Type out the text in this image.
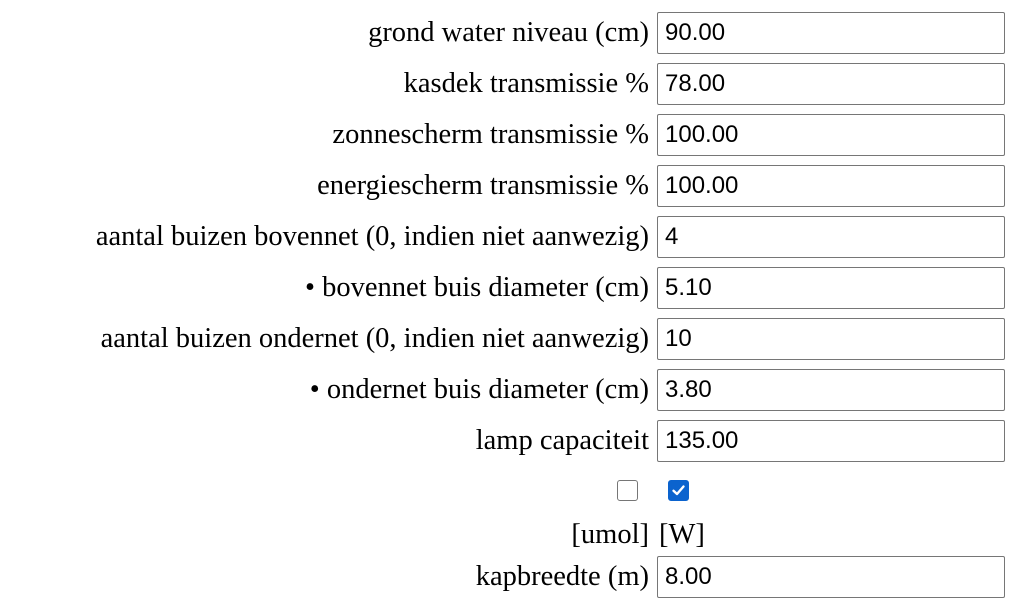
grond water niveau (cm)
90.00
kasdek transmissie %
78.00
zonnescherm transmissie %
100.00
energiescherm transmissie %
100.00
aantal buizen bovennet (0, indien niet aanwezig)
4
• bovennet buis diameter (cm)
5.10
aantal buizen ondernet (0, indien niet aanwezig)
10
• ondernet buis diameter (cm)
3.80
lamp capaciteit
135.00
[umol] [W]
kapbreedte (m)
8.00
